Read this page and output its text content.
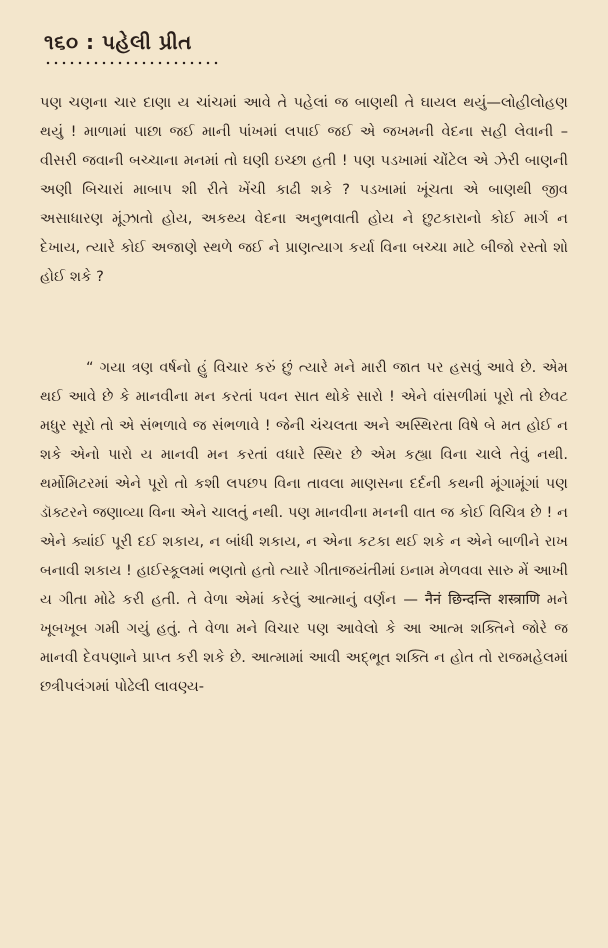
૧૬૦ : પહેલી પ્રીત

પણ ચણના ચાર દાણા ય ચાંચમાં આવે તે પહેલાં જ બાણથી તે ઘાયલ થયું—લોહીલોહણ થયું ! માળામાં પાછા જઈ માની પાંખમાં લપાઈ જઈ એ જખમની વેદના સહી લેવાની – વીસરી જવાની બચ્ચાના મનમાં તો ઘણી ઇચ્છા હતી ! પણ પડખામાં ચોંટેલ એ ઝેરી બાણની અણી બિચારાં માબાપ શી રીતે ખેંચી કાઢી શકે ? પડખામાં ખૂંચતા એ બાણથી જીવ અસાધારણ મૂંઝાતો હોય, અકથ્ય વેદના અનુભવાતી હોય ને છુટકારાનો કોઈ માર્ગ ન દેખાય, ત્યારે કોઈ અજાણે સ્થળે જઈ ને પ્રાણત્યાગ કર્યા વિના બચ્ચા માટે બીજો રસ્તો શો હોઈ શકે ?

“ ગયા ત્રણ વર્ષનો હું વિચાર કરું છું ત્યારે મને મારી જાત પર હસવું આવે છે. એમ થઈ આવે છે કે માનવીના મન કરતાં પવન સાત થોકે સારો ! એને વાંસળીમાં પૂરો તો છેવટ મધુર સૂરો તો એ સંભળાવે જ સંભળાવે ! જેની ચંચલતા અને અસ્થિરતા વિષે બે મત હોઈ ન શકે એનો પારો ય માનવી મન કરતાં વધારે સ્થિર છે એમ કહ્યા વિના ચાલે તેવું નથી. થર્મોમિટરમાં એને પૂરો તો કશી લપછપ વિના તાવલા માણસના દર્દની કથની મૂંગામૂંગાં પણ ડૉક્ટરને જણાવ્યા વિના એને ચાલતું નથી. પણ માનવીના મનની વાત જ કોઈ વિચિત્ર છે ! ન એને ક્યાંઈ પૂરી દઈ શકાય, ન બાંધી શકાય, ન એના કટકા થઈ શકે ન એને બાળીને રાખ બનાવી શકાય ! હાઈસ્કૂલમાં ભણતો હતો ત્યારે ગીતાજયંતીમાં ઇનામ મેળવવા સારુ મેં આખી ય ગીતા મોઢે કરી હતી. તે વેળા એમાં કરેલું આત્માનું વર્ણન — नैनं छिन्दन्ति शस्त्राणि મને ખૂબખૂબ ગમી ગયું હતું. તે વેળા મને વિચાર પણ આવેલો કે આ આત્મ શક્તિને જોરે જ માનવી દેવપણાને પ્રાપ્ત કરી શકે છે. આત્મામાં આવી અદ્ભૂત શક્તિ ન હોત તો રાજમહેલમાં છત્રીપલંગમાં પોઢેલી લાવણ્ય-
